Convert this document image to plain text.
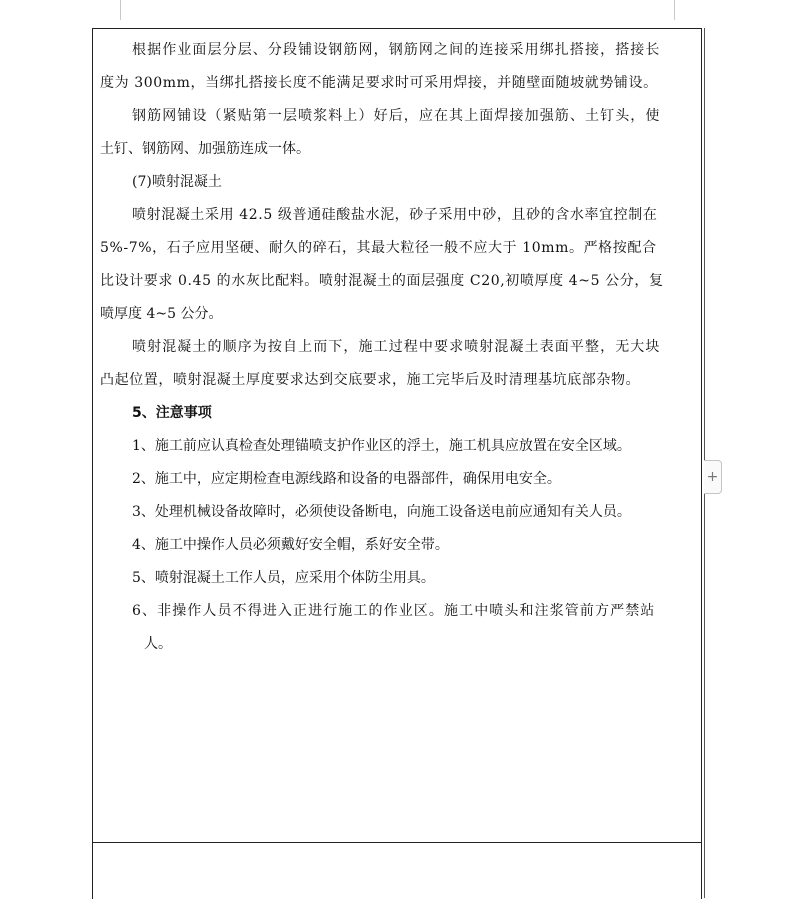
根据作业面层分层、分段铺设钢筋网，钢筋网之间的连接采用绑扎搭接，搭接长
度为 300mm，当绑扎搭接长度不能满足要求时可采用焊接，并随壁面随坡就势铺设。
钢筋网铺设（紧贴第一层喷浆料上）好后，应在其上面焊接加强筋、土钉头，使
土钉、钢筋网、加强筋连成一体。
(7)喷射混凝土
喷射混凝土采用 42.5 级普通硅酸盐水泥，砂子采用中砂，且砂的含水率宜控制在
5%-7%，石子应用坚硬、耐久的碎石，其最大粒径一般不应大于 10mm。严格按配合
比设计要求 0.45 的水灰比配料。喷射混凝土的面层强度 C20,初喷厚度 4~5 公分，复
喷厚度 4~5 公分。
喷射混凝土的顺序为按自上而下，施工过程中要求喷射混凝土表面平整，无大块
凸起位置，喷射混凝土厚度要求达到交底要求，施工完毕后及时清理基坑底部杂物。
5、注意事项
1、施工前应认真检查处理锚喷支护作业区的浮土，施工机具应放置在安全区域。
2、施工中，应定期检查电源线路和设备的电器部件，确保用电安全。
3、处理机械设备故障时，必须使设备断电，向施工设备送电前应通知有关人员。
4、施工中操作人员必须戴好安全帽，系好安全带。
5、喷射混凝土工作人员，应采用个体防尘用具。
6、非操作人员不得进入正进行施工的作业区。施工中喷头和注浆管前方严禁站
人。
+
